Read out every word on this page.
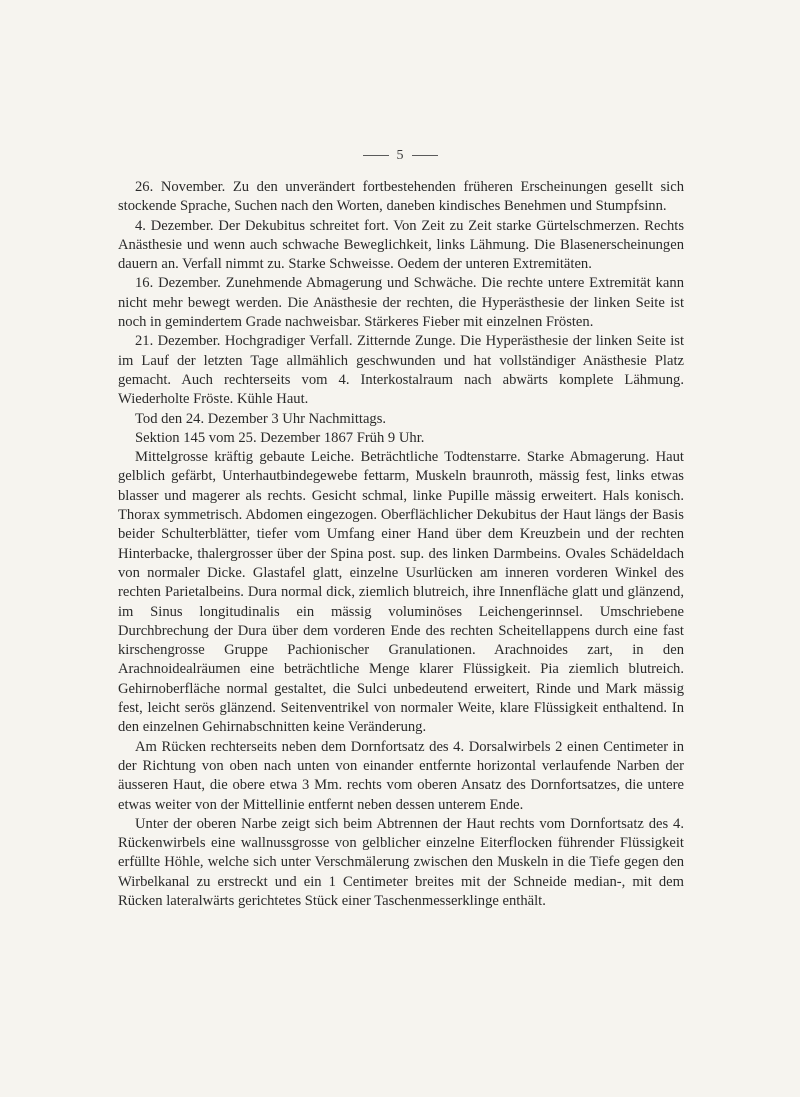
5

26. November. Zu den unverändert fortbestehenden früheren Erscheinungen gesellt sich stockende Sprache, Suchen nach den Worten, daneben kindisches Benehmen und Stumpfsinn.

4. Dezember. Der Dekubitus schreitet fort. Von Zeit zu Zeit starke Gürtelschmerzen. Rechts Anästhesie und wenn auch schwache Beweglichkeit, links Lähmung. Die Blasenerscheinungen dauern an. Verfall nimmt zu. Starke Schweisse. Oedem der unteren Extremitäten.

16. Dezember. Zunehmende Abmagerung und Schwäche. Die rechte untere Extremität kann nicht mehr bewegt werden. Die Anästhesie der rechten, die Hyperästhesie der linken Seite ist noch in gemindertem Grade nachweisbar. Stärkeres Fieber mit einzelnen Frösten.

21. Dezember. Hochgradiger Verfall. Zitternde Zunge. Die Hyperästhesie der linken Seite ist im Lauf der letzten Tage allmählich geschwunden und hat vollständiger Anästhesie Platz gemacht. Auch rechterseits vom 4. Interkostalraum nach abwärts komplete Lähmung. Wiederholte Fröste. Kühle Haut.

Tod den 24. Dezember 3 Uhr Nachmittags.

Sektion 145 vom 25. Dezember 1867 Früh 9 Uhr.

Mittelgrosse kräftig gebaute Leiche. Beträchtliche Todtenstarre. Starke Abmagerung. Haut gelblich gefärbt, Unterhautbindegewebe fettarm, Muskeln braunroth, mässig fest, links etwas blasser und magerer als rechts. Gesicht schmal, linke Pupille mässig erweitert. Hals konisch. Thorax symmetrisch. Abdomen eingezogen. Oberflächlicher Dekubitus der Haut längs der Basis beider Schulterblätter, tiefer vom Umfang einer Hand über dem Kreuzbein und der rechten Hinterbacke, thalergrosser über der Spina post. sup. des linken Darmbeins. Ovales Schädeldach von normaler Dicke. Glastafel glatt, einzelne Usurlücken am inneren vorderen Winkel des rechten Parietalbeins. Dura normal dick, ziemlich blutreich, ihre Innenfläche glatt und glänzend, im Sinus longitudinalis ein mässig voluminöses Leichengerinnsel. Umschriebene Durchbrechung der Dura über dem vorderen Ende des rechten Scheitellappens durch eine fast kirschengrosse Gruppe Pachionischer Granulationen. Arachnoides zart, in den Arachnoidealräumen eine beträchtliche Menge klarer Flüssigkeit. Pia ziemlich blutreich. Gehirnoberfläche normal gestaltet, die Sulci unbedeutend erweitert, Rinde und Mark mässig fest, leicht serös glänzend. Seitenventrikel von normaler Weite, klare Flüssigkeit enthaltend. In den einzelnen Gehirnabschnitten keine Veränderung.

Am Rücken rechterseits neben dem Dornfortsatz des 4. Dorsalwirbels 2 einen Centimeter in der Richtung von oben nach unten von einander entfernte horizontal verlaufende Narben der äusseren Haut, die obere etwa 3 Mm. rechts vom oberen Ansatz des Dornfortsatzes, die untere etwas weiter von der Mittellinie entfernt neben dessen unterem Ende.

Unter der oberen Narbe zeigt sich beim Abtrennen der Haut rechts vom Dornfortsatz des 4. Rückenwirbels eine wallnussgrosse von gelblicher einzelne Eiterflocken führender Flüssigkeit erfüllte Höhle, welche sich unter Verschmälerung zwischen den Muskeln in die Tiefe gegen den Wirbelkanal zu erstreckt und ein 1 Centimeter breites mit der Schneide median-, mit dem Rücken lateralwärts gerichtetes Stück einer Taschenmesserklinge enthält.
